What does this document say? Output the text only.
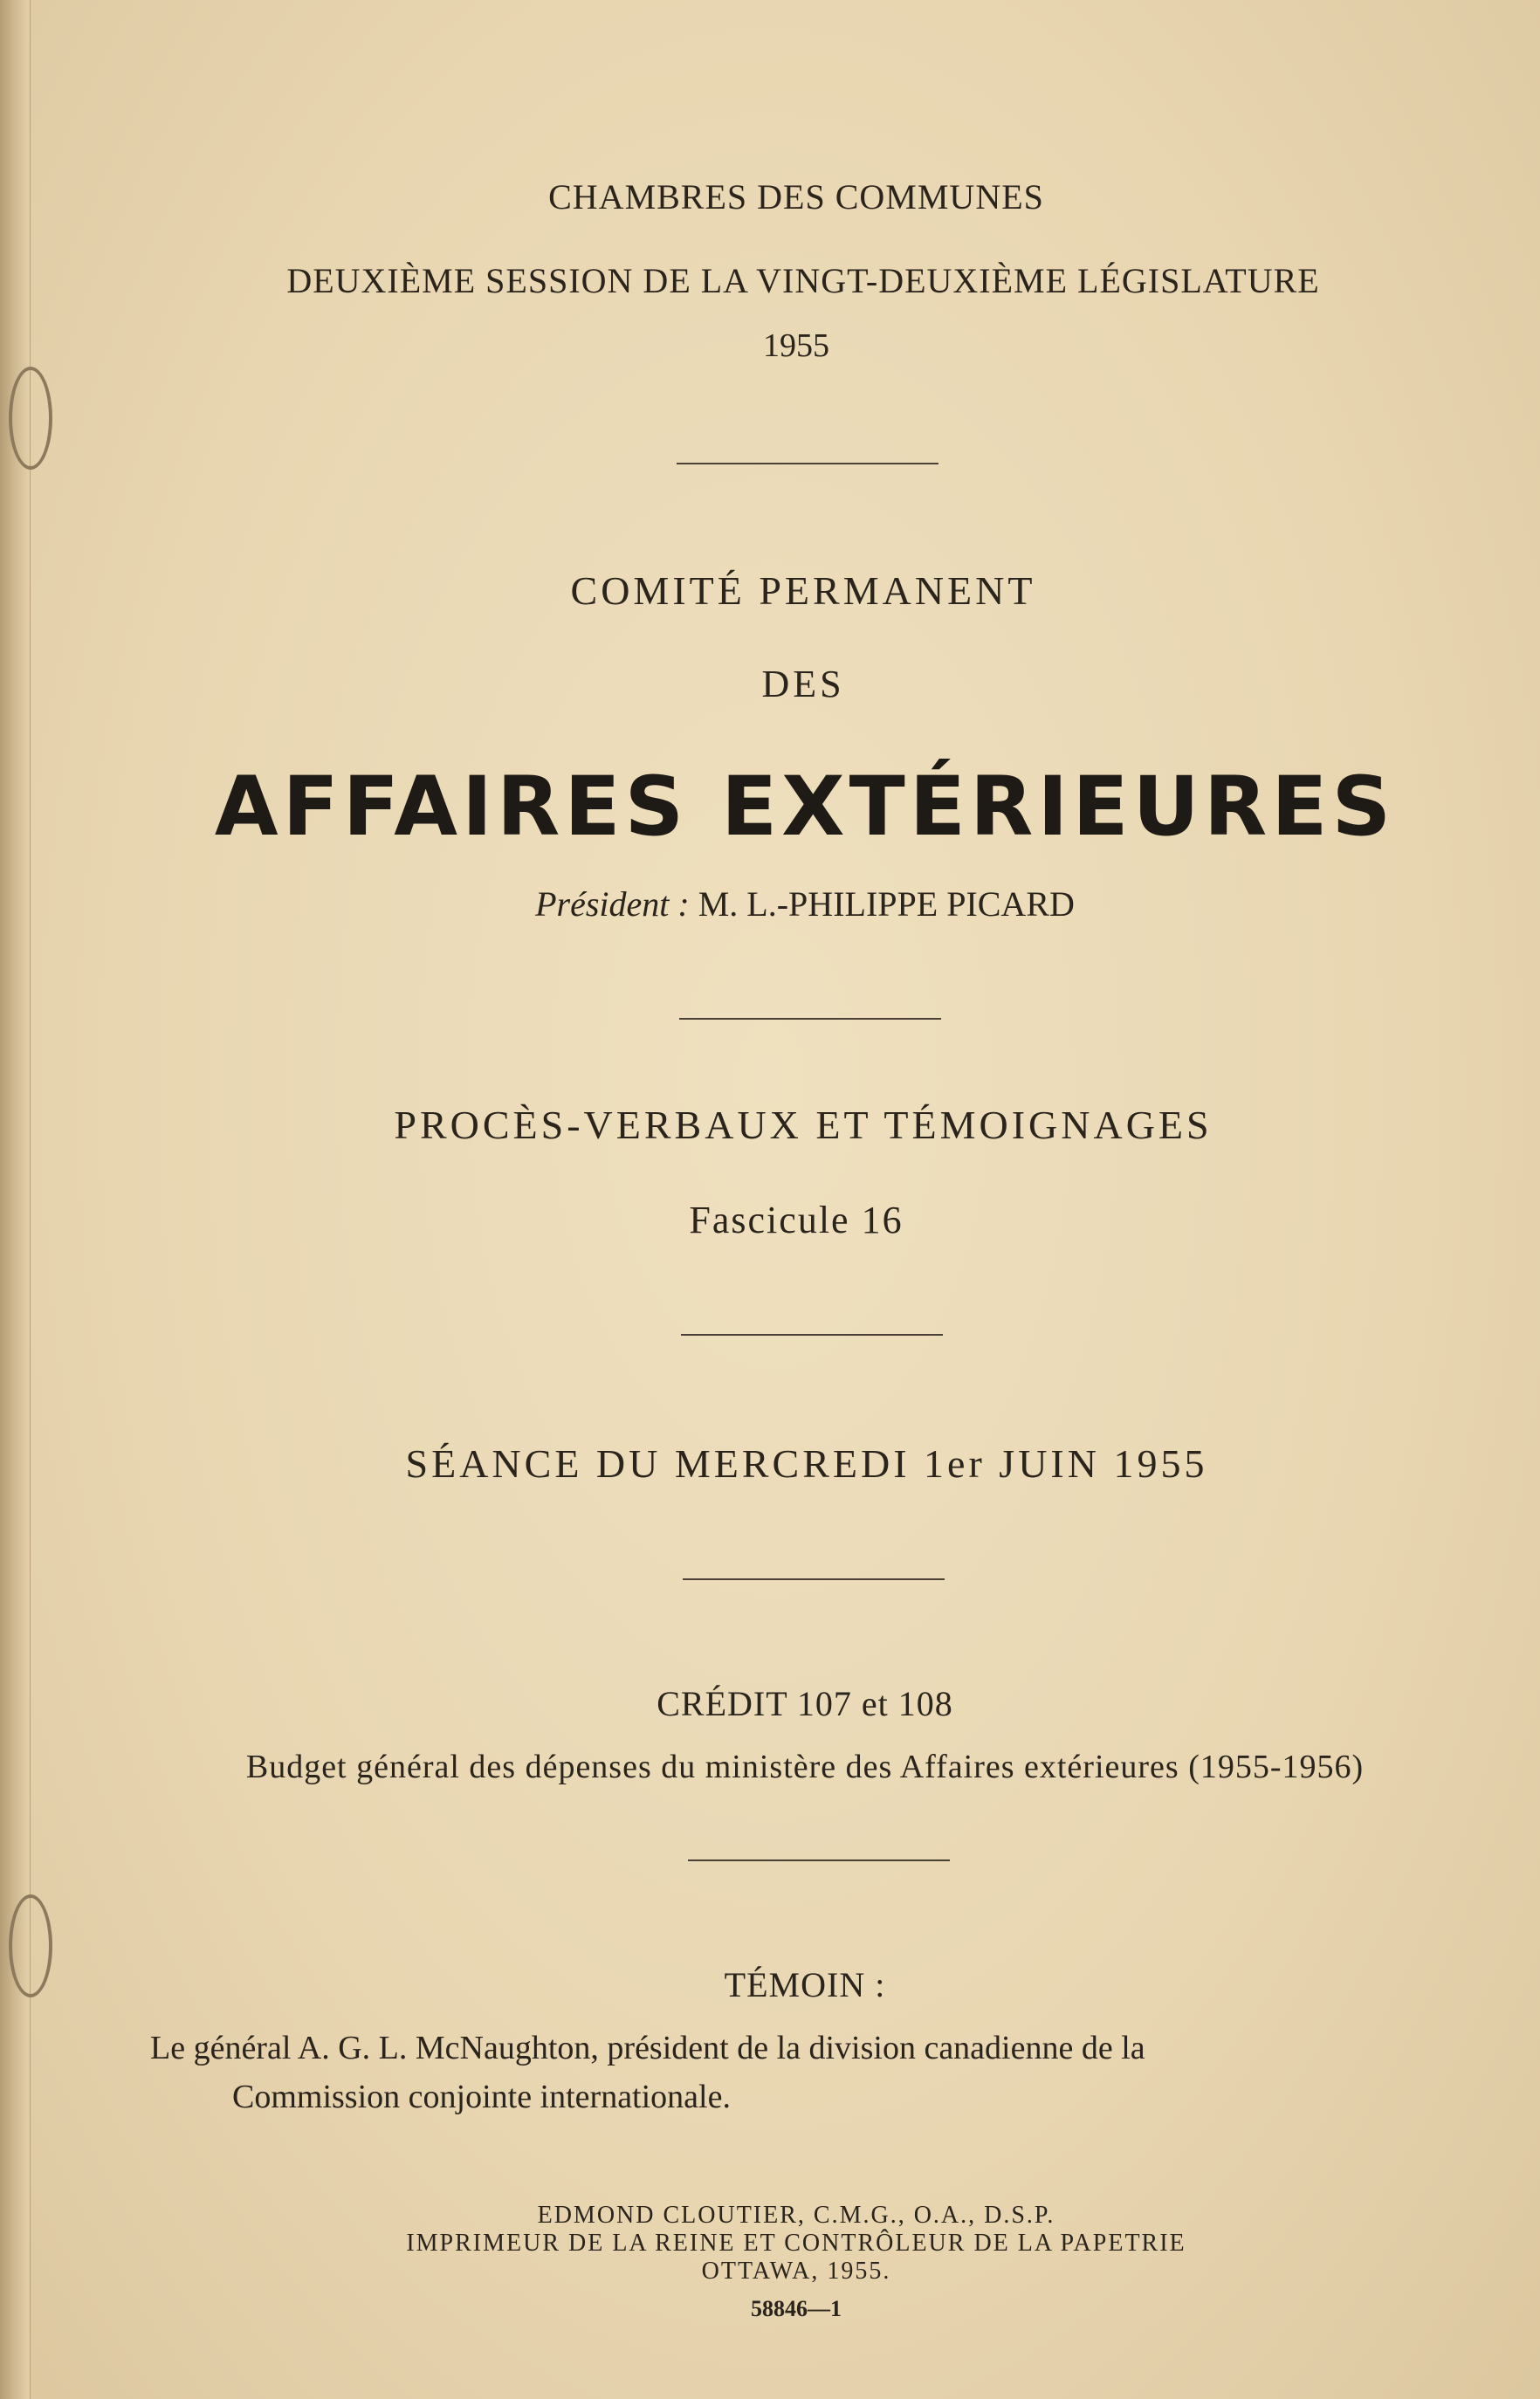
CHAMBRES DES COMMUNES
DEUXIÈME SESSION DE LA VINGT-DEUXIÈME LÉGISLATURE
1955
COMITÉ PERMANENT
DES
AFFAIRES EXTÉRIEURES
Président : M. L.-PHILIPPE PICARD
PROCÈS-VERBAUX ET TÉMOIGNAGES
Fascicule 16
SÉANCE DU MERCREDI 1er JUIN 1955
CRÉDIT 107 et 108
Budget général des dépenses du ministère des Affaires extérieures (1955-1956)
TÉMOIN :
Le général A. G. L. McNaughton, président de la division canadienne de la
Commission conjointe internationale.
EDMOND CLOUTIER, C.M.G., O.A., D.S.P.
IMPRIMEUR DE LA REINE ET CONTRÔLEUR DE LA PAPETRIE
OTTAWA, 1955.
58846—1
